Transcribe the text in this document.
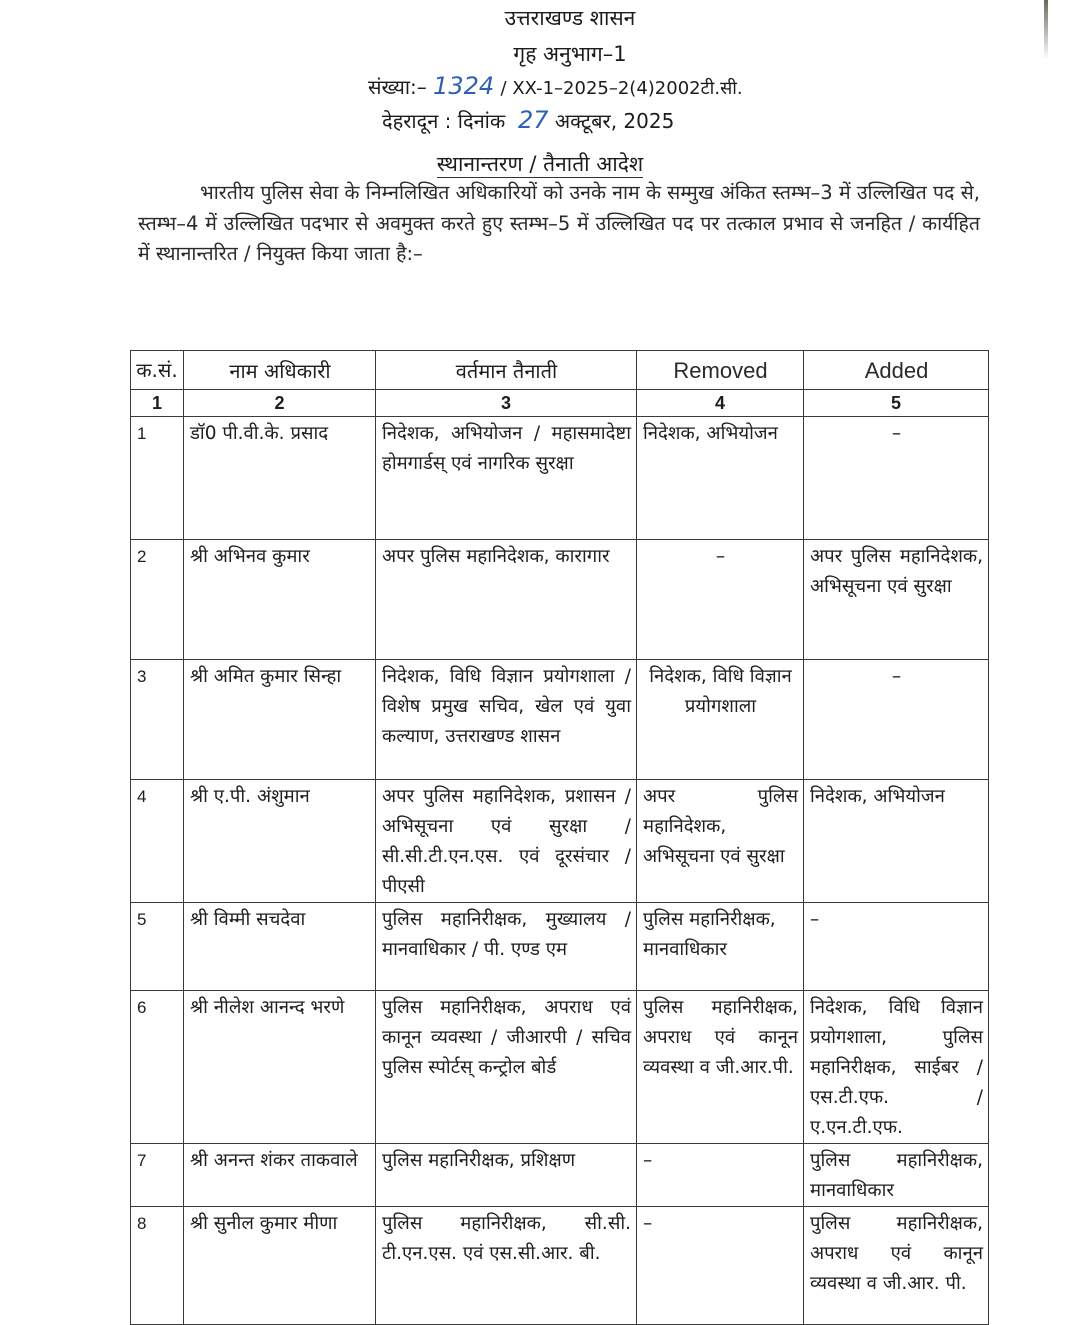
उत्तराखण्ड शासन
गृह अनुभाग–1
संख्या:– 1324 / XX-1–2025–2(4)2002टी.सी.
देहरादून : दिनांक 27 अक्टूबर, 2025
स्थानान्तरण / तैनाती आदेश
भारतीय पुलिस सेवा के निम्नलिखित अधिकारियों को उनके नाम के सम्मुख अंकित स्तम्भ–3 में उल्लिखित पद से, स्तम्भ–4 में उल्लिखित पदभार से अवमुक्त करते हुए स्तम्भ–5 में उल्लिखित पद पर तत्काल प्रभाव से जनहित / कार्यहित में स्थानान्तरित / नियुक्त किया जाता है:–
क.सं.	नाम अधिकारी	वर्तमान तैनाती	Removed	Added
1	2	3	4	5
1	डॉ0 पी.वी.के. प्रसाद	निदेशक, अभियोजन / महासमादेष्टा होमगार्डस् एवं नागरिक सुरक्षा	निदेशक, अभियोजन	–
2	श्री अभिनव कुमार	अपर पुलिस महानिदेशक, कारागार	–	अपर पुलिस महानिदेशक, अभिसूचना एवं सुरक्षा
3	श्री अमित कुमार सिन्हा	निदेशक, विधि विज्ञान प्रयोगशाला / विशेष प्रमुख सचिव, खेल एवं युवा कल्याण, उत्तराखण्ड शासन	निदेशक, विधि विज्ञान प्रयोगशाला	–
4	श्री ए.पी. अंशुमान	अपर पुलिस महानिदेशक, प्रशासन / अभिसूचना एवं सुरक्षा / सी.सी.टी.एन.एस. एवं दूरसंचार / पीएसी	अपर पुलिस महानिदेशक, अभिसूचना एवं सुरक्षा	निदेशक, अभियोजन
5	श्री विम्मी सचदेवा	पुलिस महानिरीक्षक, मुख्यालय / मानवाधिकार / पी. एण्ड एम	पुलिस महानिरीक्षक, मानवाधिकार	–
6	श्री नीलेश आनन्द भरणे	पुलिस महानिरीक्षक, अपराध एवं कानून व्यवस्था / जीआरपी / सचिव पुलिस स्पोर्टस् कन्ट्रोल बोर्ड	पुलिस महानिरीक्षक, अपराध एवं कानून व्यवस्था व जी.आर.पी.	निदेशक, विधि विज्ञान प्रयोगशाला, पुलिस महानिरीक्षक, साईबर / एस.टी.एफ. / ए.एन.टी.एफ.
7	श्री अनन्त शंकर ताकवाले	पुलिस महानिरीक्षक, प्रशिक्षण	–	पुलिस महानिरीक्षक, मानवाधिकार
8	श्री सुनील कुमार मीणा	पुलिस महानिरीक्षक, सी.सी. टी.एन.एस. एवं एस.सी.आर. बी.	–	पुलिस महानिरीक्षक, अपराध एवं कानून व्यवस्था व जी.आर. पी.
